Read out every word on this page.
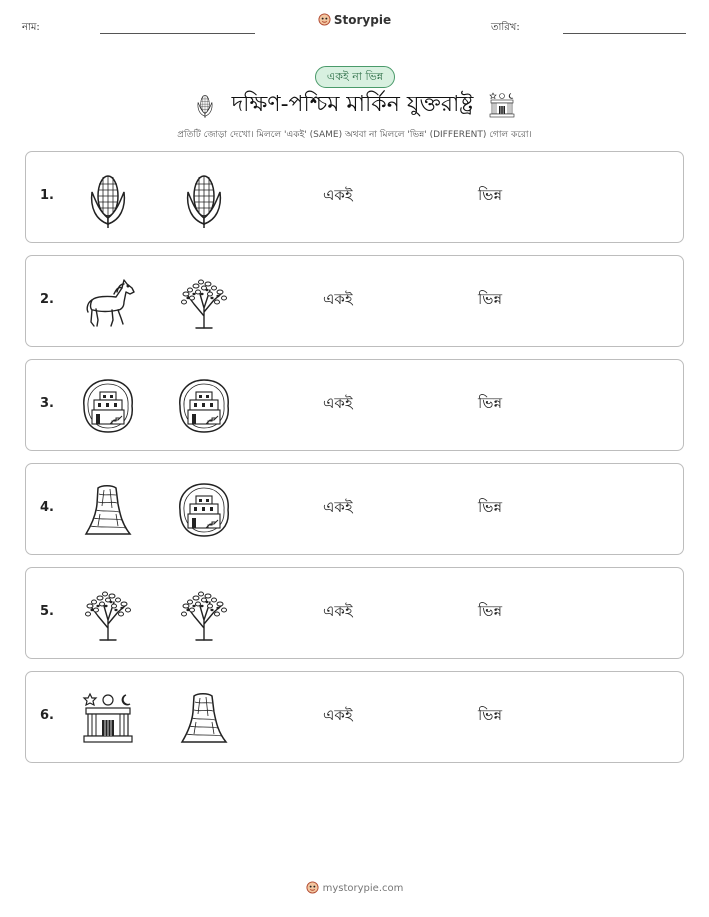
নাম:
Storypie
তারিখ:
একই না ভিন্ন
দক্ষিণ-পশ্চিম মার্কিন যুক্তরাষ্ট্র
প্রতিটি জোড়া দেখো। মিললে 'একই' (SAME) অথবা না মিললে 'ভিন্ন' (DIFFERENT) গোল করো।
1.	একই	ভিন্ন
2.	একই	ভিন্ন
3.	একই	ভিন্ন
4.	একই	ভিন্ন
5.	একই	ভিন্ন
6.	একই	ভিন্ন
mystorypie.com
